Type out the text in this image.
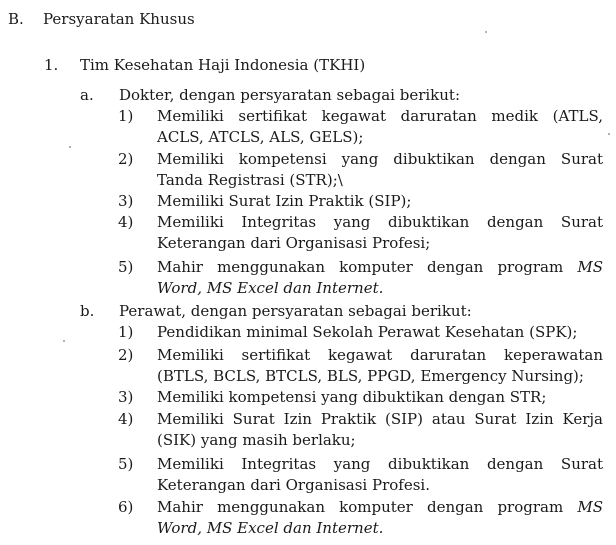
B. Persyaratan Khusus
1. Tim Kesehatan Haji Indonesia (TKHI)
a. Dokter, dengan persyaratan sebagai berikut:
1) Memiliki sertifikat kegawat daruratan medik (ATLS,
ACLS, ATCLS, ALS, GELS);
2) Memiliki kompetensi yang dibuktikan dengan Surat
Tanda Registrasi (STR);\
3) Memiliki Surat Izin Praktik (SIP);
4) Memiliki Integritas yang dibuktikan dengan Surat
Keterangan dari Organisasi Profesi;
5) Mahir menggunakan komputer dengan program MS
Word, MS Excel dan Internet.
b. Perawat, dengan persyaratan sebagai berikut:
1) Pendidikan minimal Sekolah Perawat Kesehatan (SPK);
2) Memiliki sertifikat kegawat daruratan keperawatan
(BTLS, BCLS, BTCLS, BLS, PPGD, Emergency Nursing);
3) Memiliki kompetensi yang dibuktikan dengan STR;
4) Memiliki Surat Izin Praktik (SIP) atau Surat Izin Kerja
(SIK) yang masih berlaku;
5) Memiliki Integritas yang dibuktikan dengan Surat
Keterangan dari Organisasi Profesi.
6) Mahir menggunakan komputer dengan program MS
Word, MS Excel dan Internet.
